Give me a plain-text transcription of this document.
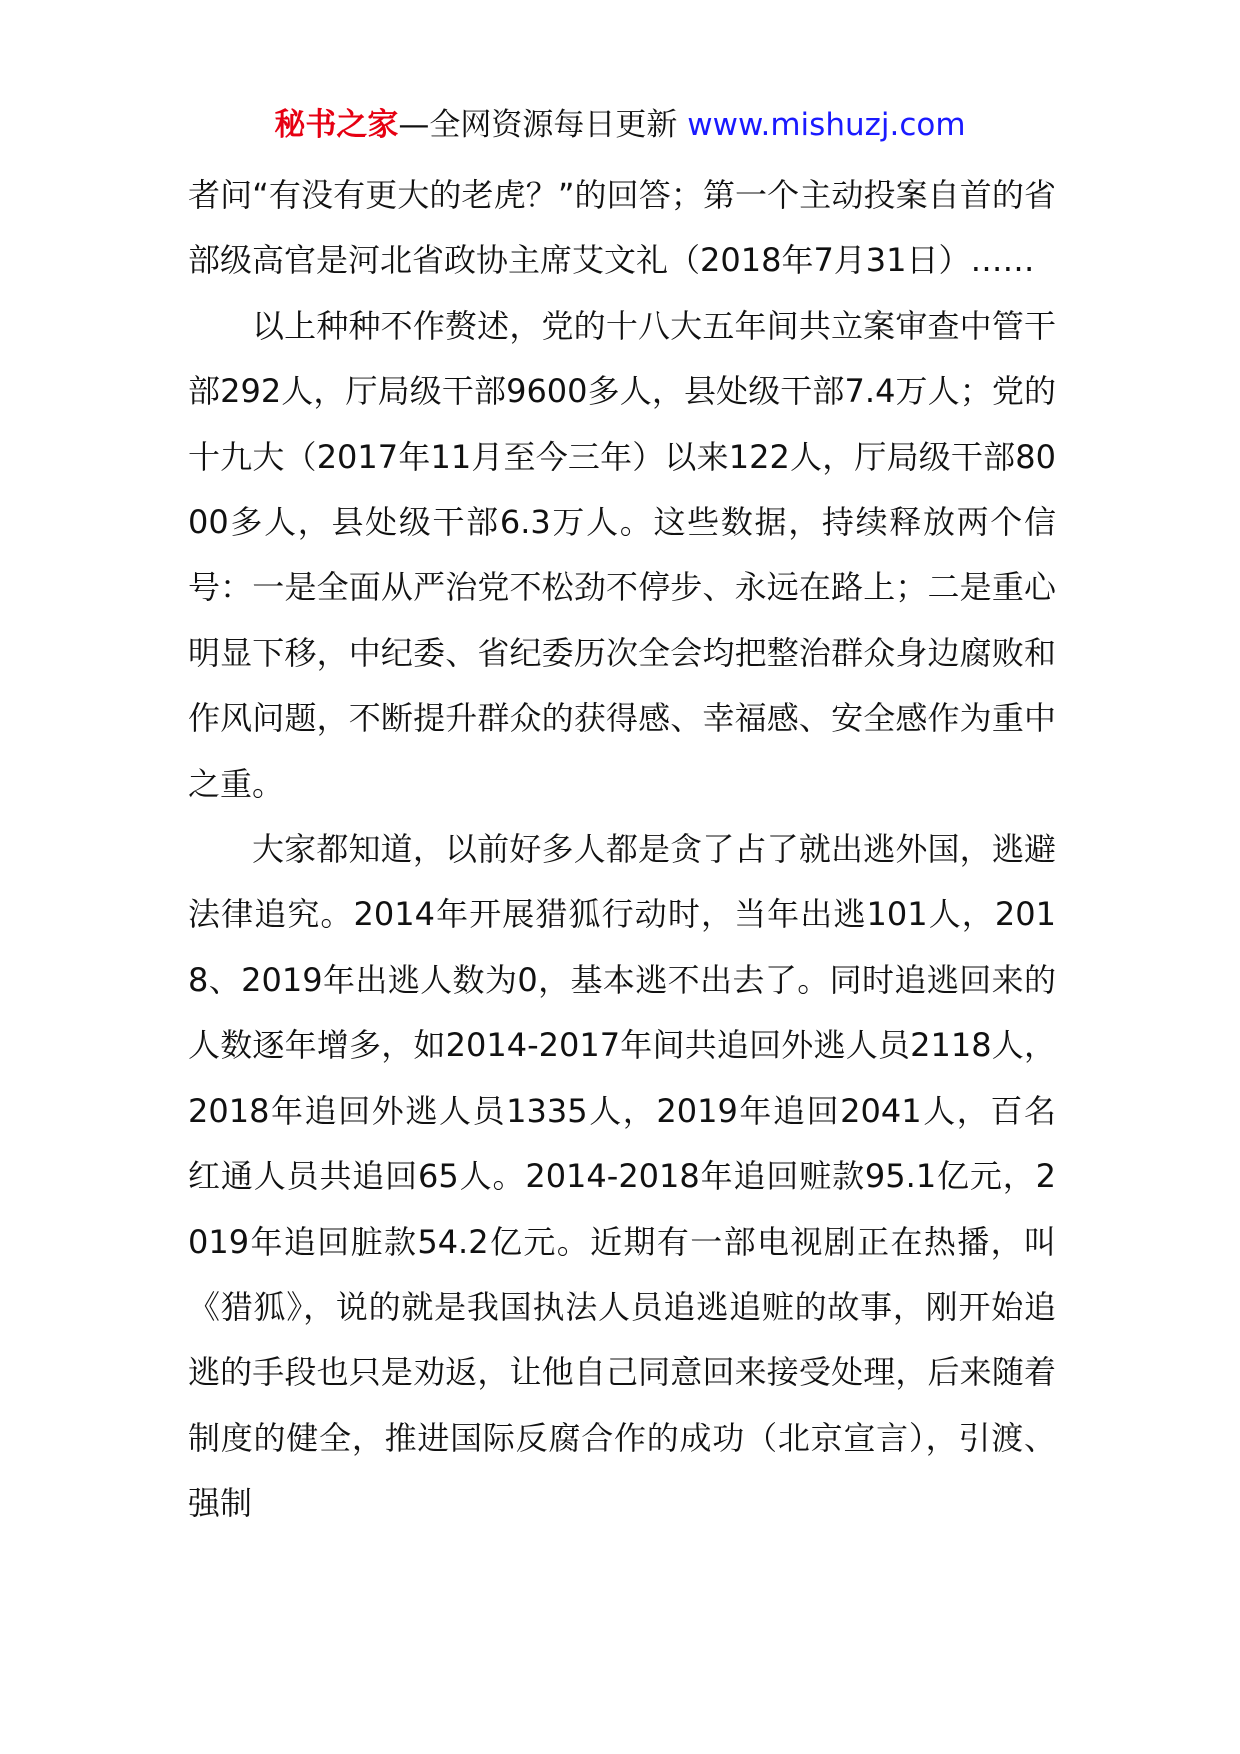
秘书之家—全网资源每日更新 www.mishuzj.com

者问“有没有更大的老虎？”的回答；第一个主动投案自首的省部级高官是河北省政协主席艾文礼（2018年7月31日）……

以上种种不作赘述，党的十八大五年间共立案审查中管干部292人，厅局级干部9600多人，县处级干部7.4万人；党的十九大（2017年11月至今三年）以来122人，厅局级干部8000多人，县处级干部6.3万人。这些数据，持续释放两个信号：一是全面从严治党不松劲不停步、永远在路上；二是重心明显下移，中纪委、省纪委历次全会均把整治群众身边腐败和作风问题，不断提升群众的获得感、幸福感、安全感作为重中之重。

大家都知道，以前好多人都是贪了占了就出逃外国，逃避法律追究。2014年开展猎狐行动时，当年出逃101人，2018、2019年出逃人数为0，基本逃不出去了。同时追逃回来的人数逐年增多，如2014-2017年间共追回外逃人员2118人，2018年追回外逃人员1335人，2019年追回2041人，百名红通人员共追回65人。2014-2018年追回赃款95.1亿元，2019年追回脏款54.2亿元。近期有一部电视剧正在热播，叫《猎狐》，说的就是我国执法人员追逃追赃的故事，刚开始追逃的手段也只是劝返，让他自己同意回来接受处理，后来随着制度的健全，推进国际反腐合作的成功（北京宣言），引渡、强制
